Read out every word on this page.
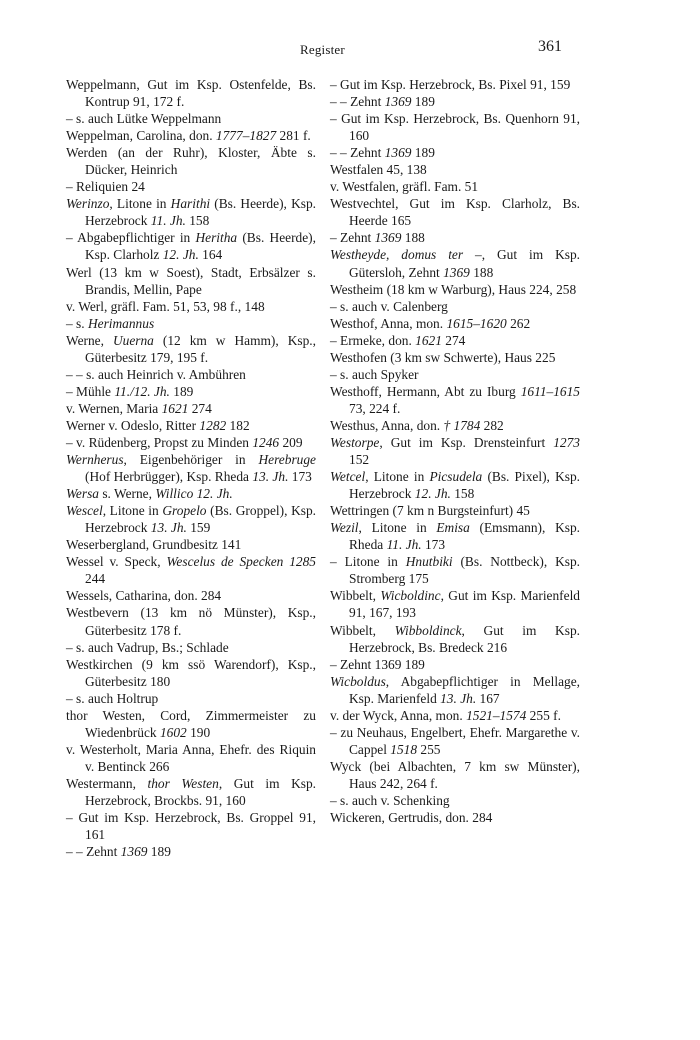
Register	361
Weppelmann, Gut im Ksp. Ostenfelde, Bs. Kontrup 91, 172 f.
– s. auch Lütke Weppelmann
Weppelman, Carolina, don. 1777–1827 281 f.
Werden (an der Ruhr), Kloster, Äbte s. Dücker, Heinrich
– Reliquien 24
Werinzo, Litone in Harithi (Bs. Heerde), Ksp. Herzebrock 11. Jh. 158
– Abgabepflichtiger in Heritha (Bs. Heerde), Ksp. Clarholz 12. Jh. 164
Werl (13 km w Soest), Stadt, Erbsälzer s. Brandis, Mellin, Pape
v. Werl, gräfl. Fam. 51, 53, 98 f., 148
– s. Herimannus
Werne, Uuerna (12 km w Hamm), Ksp., Güterbesitz 179, 195 f.
– – s. auch Heinrich v. Ambühren
– Mühle 11./12. Jh. 189
v. Wernen, Maria 1621 274
Werner v. Odeslo, Ritter 1282 182
– v. Rüdenberg, Propst zu Minden 1246 209
Wernherus, Eigenbehöriger in Herebruge (Hof Herbrügger), Ksp. Rheda 13. Jh. 173
Wersa s. Werne, Willico 12. Jh.
Wescel, Litone in Gropelo (Bs. Groppel), Ksp. Herzebrock 13. Jh. 159
Weserbergland, Grundbesitz 141
Wessel v. Speck, Wescelus de Specken 1285 244
Wessels, Catharina, don. 284
Westbevern (13 km nö Münster), Ksp., Güterbesitz 178 f.
– s. auch Vadrup, Bs.; Schlade
Westkirchen (9 km ssö Warendorf), Ksp., Güterbesitz 180
– s. auch Holtrup
thor Westen, Cord, Zimmermeister zu Wiedenbrück 1602 190
v. Westerholt, Maria Anna, Ehefr. des Riquin v. Bentinck 266
Westermann, thor Westen, Gut im Ksp. Herzebrock, Brockbs. 91, 160
– Gut im Ksp. Herzebrock, Bs. Groppel 91, 161
– – Zehnt 1369 189
– Gut im Ksp. Herzebrock, Bs. Pixel 91, 159
– – Zehnt 1369 189
– Gut im Ksp. Herzebrock, Bs. Quenhorn 91, 160
– – Zehnt 1369 189
Westfalen 45, 138
v. Westfalen, gräfl. Fam. 51
Westvechtel, Gut im Ksp. Clarholz, Bs. Heerde 165
– Zehnt 1369 188
Westheyde, domus ter –, Gut im Ksp. Gütersloh, Zehnt 1369 188
Westheim (18 km w Warburg), Haus 224, 258
– s. auch v. Calenberg
Westhof, Anna, mon. 1615–1620 262
– Ermeke, don. 1621 274
Westhofen (3 km sw Schwerte), Haus 225
– s. auch Spyker
Westhoff, Hermann, Abt zu Iburg 1611–1615 73, 224 f.
Westhus, Anna, don. † 1784 282
Westorpe, Gut im Ksp. Drensteinfurt 1273 152
Wetcel, Litone in Picsudela (Bs. Pixel), Ksp. Herzebrock 12. Jh. 158
Wettringen (7 km n Burgsteinfurt) 45
Wezil, Litone in Emisa (Emsmann), Ksp. Rheda 11. Jh. 173
– Litone in Hnutbiki (Bs. Nottbeck), Ksp. Stromberg 175
Wibbelt, Wicboldinc, Gut im Ksp. Marienfeld 91, 167, 193
Wibbelt, Wibboldinck, Gut im Ksp. Herzebrock, Bs. Bredeck 216
– Zehnt 1369 189
Wicboldus, Abgabepflichtiger in Mellage, Ksp. Marienfeld 13. Jh. 167
v. der Wyck, Anna, mon. 1521–1574 255 f.
– zu Neuhaus, Engelbert, Ehefr. Margarethe v. Cappel 1518 255
Wyck (bei Albachten, 7 km sw Münster), Haus 242, 264 f.
– s. auch v. Schenking
Wickeren, Gertrudis, don. 284
